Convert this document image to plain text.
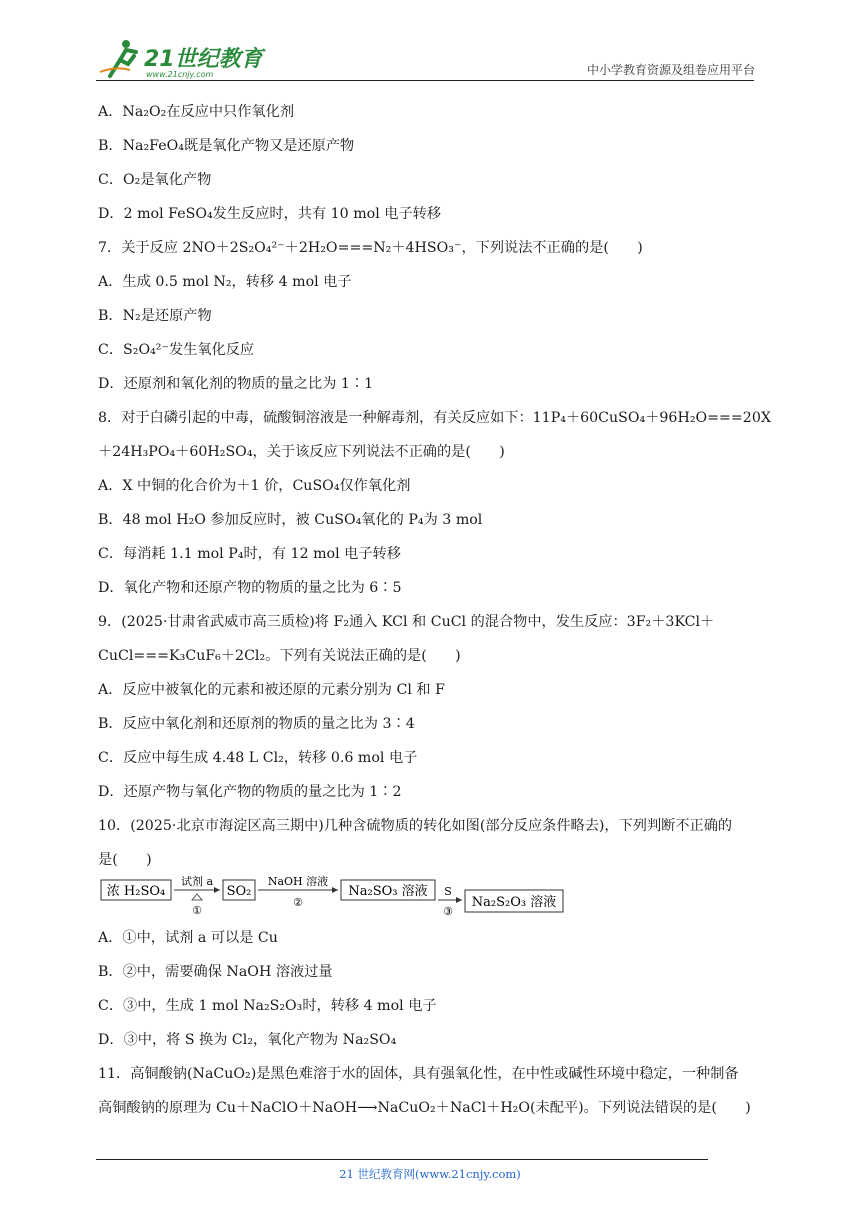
21世纪教育
www.21cnjy.com	中小学教育资源及组卷应用平台
A．Na₂O₂在反应中只作氧化剂
B．Na₂FeO₄既是氧化产物又是还原产物
C．O₂是氧化产物
D．2 mol FeSO₄发生反应时，共有 10 mol 电子转移
7．关于反应 2NO＋2S₂O₄²⁻＋2H₂O===N₂＋4HSO₃⁻，下列说法不正确的是(　　)
A．生成 0.5 mol N₂，转移 4 mol 电子
B．N₂是还原产物
C．S₂O₄²⁻发生氧化反应
D．还原剂和氧化剂的物质的量之比为 1∶1
8．对于白磷引起的中毒，硫酸铜溶液是一种解毒剂，有关反应如下：11P₄＋60CuSO₄＋96H₂O===20X
＋24H₃PO₄＋60H₂SO₄，关于该反应下列说法不正确的是(　　)
A．X 中铜的化合价为＋1 价，CuSO₄仅作氧化剂
B．48 mol H₂O 参加反应时，被 CuSO₄氧化的 P₄为 3 mol
C．每消耗 1.1 mol P₄时，有 12 mol 电子转移
D．氧化产物和还原产物的物质的量之比为 6∶5
9．(2025·甘肃省武威市高三质检)将 F₂通入 KCl 和 CuCl 的混合物中，发生反应：3F₂＋3KCl＋
CuCl===K₃CuF₆＋2Cl₂。下列有关说法正确的是(　　)
A．反应中被氧化的元素和被还原的元素分别为 Cl 和 F
B．反应中氧化剂和还原剂的物质的量之比为 3∶4
C．反应中每生成 4.48 L Cl₂，转移 0.6 mol 电子
D．还原产物与氧化产物的物质的量之比为 1∶2
10．(2025·北京市海淀区高三期中)几种含硫物质的转化如图(部分反应条件略去)，下列判断不正确的
是(　　)
A．①中，试剂 a 可以是 Cu
B．②中，需要确保 NaOH 溶液过量
C．③中，生成 1 mol Na₂S₂O₃时，转移 4 mol 电子
D．③中，将 S 换为 Cl₂，氧化产物为 Na₂SO₄
11．高铜酸钠(NaCuO₂)是黑色难溶于水的固体，具有强氧化性，在中性或碱性环境中稳定，一种制备
高铜酸钠的原理为 Cu＋NaClO＋NaOH⟶NaCuO₂＋NaCl＋H₂O(未配平)。下列说法错误的是(　　)
浓 H₂SO₄
试剂 a
①
SO₂
NaOH 溶液
②
Na₂SO₃ 溶液 S
③
Na₂S₂O₃ 溶液
21 世纪教育网(www.21cnjy.com)
